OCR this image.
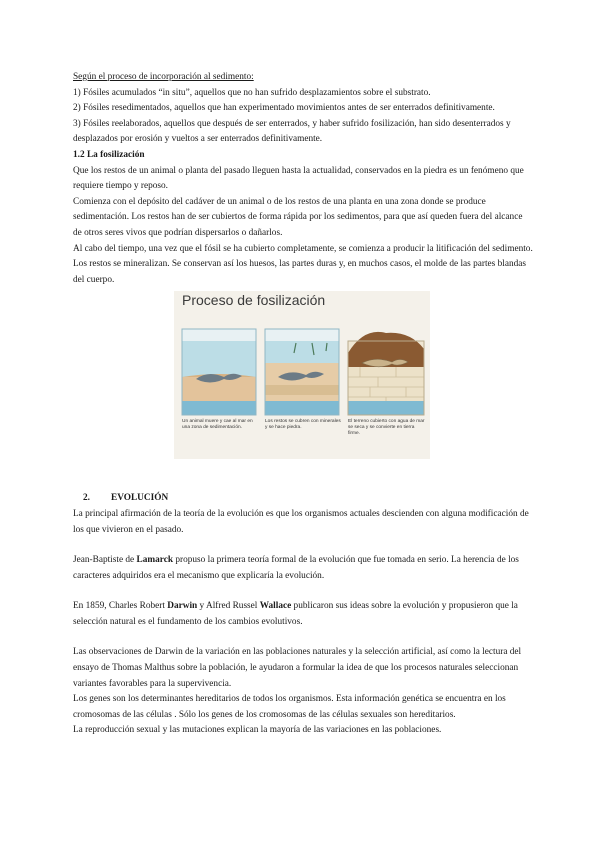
Según el proceso de incorporación al sedimento:

1) Fósiles acumulados “in situ”, aquellos que no han sufrido desplazamientos sobre el substrato.

2) Fósiles resedimentados, aquellos que han experimentado movimientos antes de ser enterrados definitivamente.

3) Fósiles reelaborados, aquellos que después de ser enterrados, y haber sufrido fosilización, han sido desenterrados y desplazados por erosión y vueltos a ser enterrados definitivamente.

1.2 La fosilización

Que los restos de un animal o planta del pasado lleguen hasta la actualidad, conservados en la piedra es un fenómeno que requiere tiempo y reposo.

Comienza con el depósito del cadáver de un animal o de los restos de una planta en una zona donde se produce sedimentación. Los restos han de ser cubiertos de forma rápida por los sedimentos, para que así queden fuera del alcance de otros seres vivos que podrían dispersarlos o dañarlos.

Al cabo del tiempo, una vez que el fósil se ha cubierto completamente, se comienza a producir la litificación del sedimento. Los restos se mineralizan. Se conservan así los huesos, las partes duras y, en muchos casos, el molde de las partes blandas del cuerpo.

Proceso de fosilización
Un animal muere y cae al mar en una zona de sedimentación.
Los restos se cubren con minerales y se hace piedra.
El terreno cubierto con agua de mar se seca y se convierte en tierra firme.

2. EVOLUCIÓN

La principal afirmación de la teoría de la evolución es que los organismos actuales descienden con alguna modificación de los que vivieron en el pasado.

Jean-Baptiste de Lamarck propuso la primera teoría formal de la evolución que fue tomada en serio. La herencia de los caracteres adquiridos era el mecanismo que explicaría la evolución.

En 1859, Charles Robert Darwin y Alfred Russel Wallace publicaron sus ideas sobre la evolución y propusieron que la selección natural es el fundamento de los cambios evolutivos.

Las observaciones de Darwin de la variación en las poblaciones naturales y la selección artificial, así como la lectura del ensayo de Thomas Malthus sobre la población, le ayudaron a formular la idea de que los procesos naturales seleccionan variantes favorables para la supervivencia.

Los genes son los determinantes hereditarios de todos los organismos. Esta información genética se encuentra en los cromosomas de las células . Sólo los genes de los cromosomas de las células sexuales son hereditarios.

La reproducción sexual y las mutaciones explican la mayoría de las variaciones en las poblaciones.
